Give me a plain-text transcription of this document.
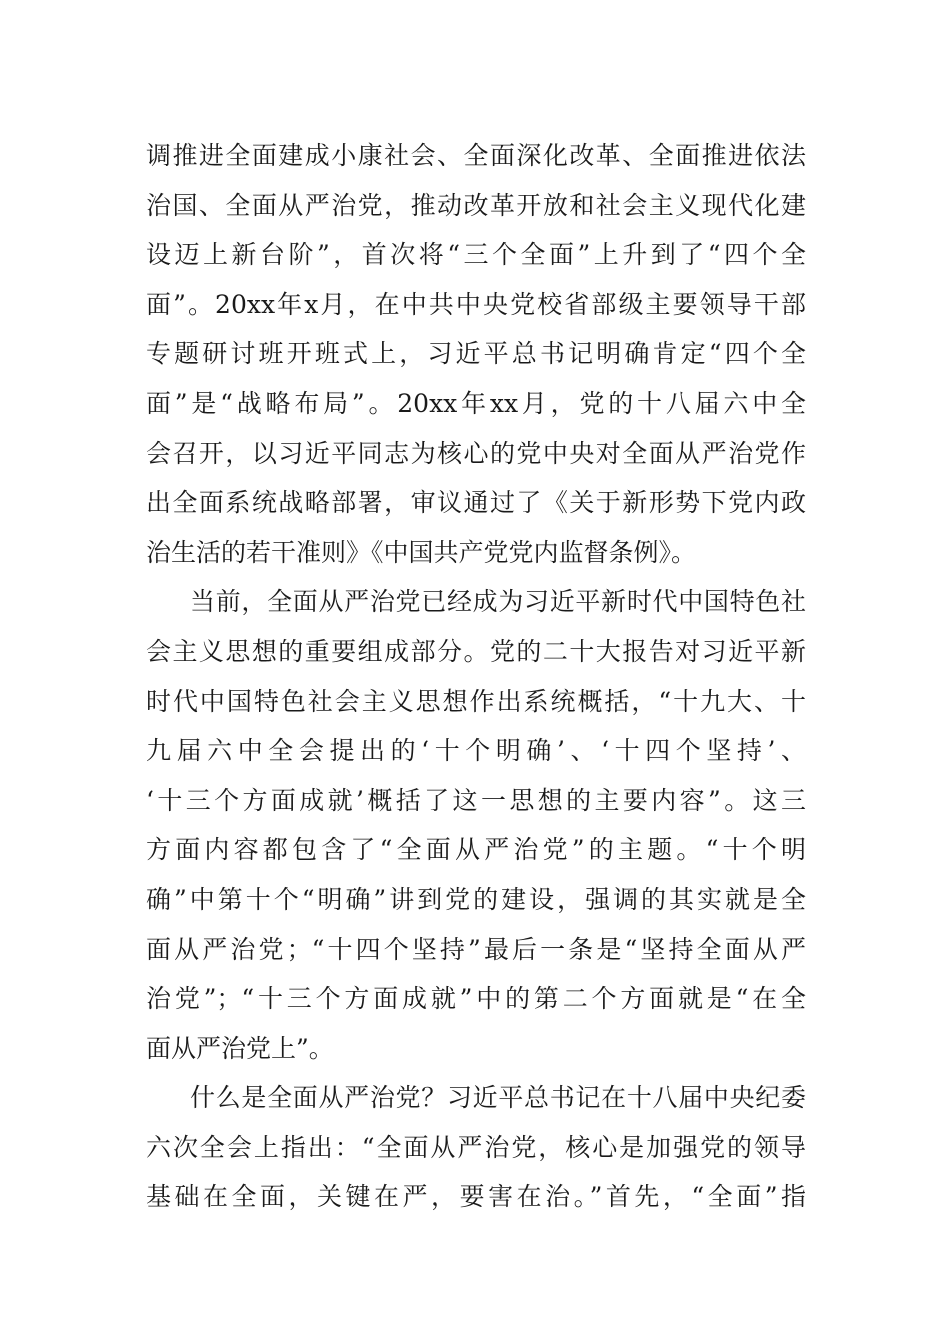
调推进全面建成小康社会、全面深化改革、全面推进依法
治国、全面从严治党，推动改革开放和社会主义现代化建
设迈上新台阶”，首次将“三个全面”上升到了“四个全
面”。20xx年x月，在中共中央党校省部级主要领导干部
专题研讨班开班式上，习近平总书记明确肯定“四个全
面”是“战略布局”。20xx年xx月，党的十八届六中全
会召开，以习近平同志为核心的党中央对全面从严治党作
出全面系统战略部署，审议通过了《关于新形势下党内政
治生活的若干准则》《中国共产党党内监督条例》。
当前，全面从严治党已经成为习近平新时代中国特色社
会主义思想的重要组成部分。党的二十大报告对习近平新
时代中国特色社会主义思想作出系统概括，“十九大、十
九届六中全会提出的‘十个明确’、‘十四个坚持’、
‘十三个方面成就’概括了这一思想的主要内容”。这三
方面内容都包含了“全面从严治党”的主题。“十个明
确”中第十个“明确”讲到党的建设，强调的其实就是全
面从严治党；“十四个坚持”最后一条是“坚持全面从严
治党”；“十三个方面成就”中的第二个方面就是“在全
面从严治党上”。
什么是全面从严治党？习近平总书记在十八届中央纪委
六次全会上指出：“全面从严治党，核心是加强党的领导
基础在全面，关键在严，要害在治。”首先，“全面”指
